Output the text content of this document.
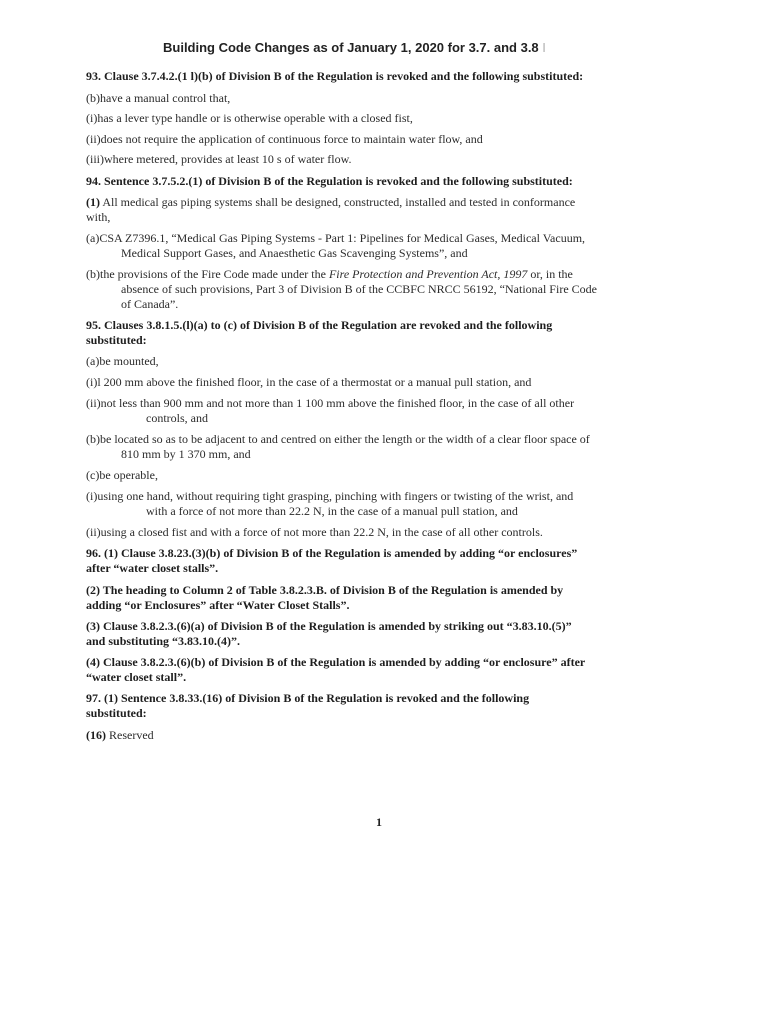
Building Code Changes as of January 1, 2020 for 3.7. and 3.8 I
93. Clause 3.7.4.2.(1 l)(b) of Division B of the Regulation is revoked and the following substituted:
(b)have a manual control that,
(i)has a lever type handle or is otherwise operable with a closed fist,
(ii)does not require the application of continuous force to maintain water flow, and
(iii)where metered, provides at least 10 s of water flow.
94. Sentence 3.7.5.2.(1) of Division B of the Regulation is revoked and the following substituted:
(1) All medical gas piping systems shall be designed, constructed, installed and tested in conformance
with,
(a)CSA Z7396.1, “Medical Gas Piping Systems - Part 1: Pipelines for Medical Gases, Medical Vacuum,
Medical Support Gases, and Anaesthetic Gas Scavenging Systems”, and
(b)the provisions of the Fire Code made under the Fire Protection and Prevention Act, 1997 or, in the
absence of such provisions, Part 3 of Division B of the CCBFC NRCC 56192, “National Fire Code
of Canada”.
95. Clauses 3.8.1.5.(l)(a) to (c) of Division B of the Regulation are revoked and the following
substituted:
(a)be mounted,
(i)l 200 mm above the finished floor, in the case of a thermostat or a manual pull station, and
(ii)not less than 900 mm and not more than 1 100 mm above the finished floor, in the case of all other
controls, and
(b)be located so as to be adjacent to and centred on either the length or the width of a clear floor space of
810 mm by 1 370 mm, and
(c)be operable,
(i)using one hand, without requiring tight grasping, pinching with fingers or twisting of the wrist, and
with a force of not more than 22.2 N, in the case of a manual pull station, and
(ii)using a closed fist and with a force of not more than 22.2 N, in the case of all other controls.
96. (1) Clause 3.8.23.(3)(b) of Division B of the Regulation is amended by adding “or enclosures”
after “water closet stalls”.
(2) The heading to Column 2 of Table 3.8.2.3.B. of Division B of the Regulation is amended by
adding “or Enclosures” after “Water Closet Stalls”.
(3) Clause 3.8.2.3.(6)(a) of Division B of the Regulation is amended by striking out “3.83.10.(5)”
and substituting “3.83.10.(4)”.
(4) Clause 3.8.2.3.(6)(b) of Division B of the Regulation is amended by adding “or enclosure” after
“water closet stall”.
97. (1) Sentence 3.8.33.(16) of Division B of the Regulation is revoked and the following
substituted:
(16) Reserved
1
